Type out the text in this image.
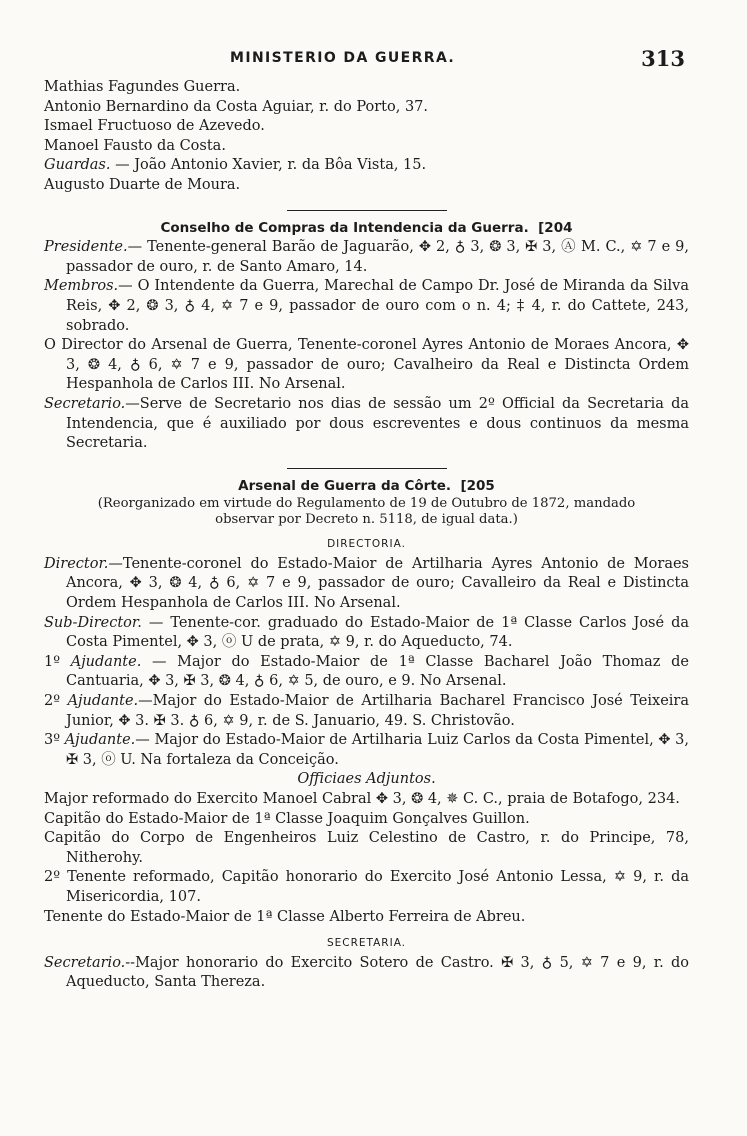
MINISTERIO DA GUERRA.	313

Mathias Fagundes Guerra.

Antonio Bernardino da Costa Aguiar, r. do Porto, 37.

Ismael Fructuoso de Azevedo.

Manoel Fausto da Costa.

Guardas. — João Antonio Xavier, r. da Bôa Vista, 15.

Augusto Duarte de Moura.

Conselho de Compras da Intendencia da Guerra. [204

Presidente.— Tenente-general Barão de Jaguarão, ✥ 2, ♁ 3, ❂ 3, ✠ 3, Ⓐ M. C., ✡ 7 e 9, passador de ouro, r. de Santo Amaro, 14.

Membros.— O Intendente da Guerra, Marechal de Campo Dr. José de Miranda da Silva Reis, ✥ 2, ❂ 3, ♁ 4, ✡ 7 e 9, passador de ouro com o n. 4; ‡ 4, r. do Cattete, 243, sobrado.

O Director do Arsenal de Guerra, Tenente-coronel Ayres Antonio de Moraes Ancora, ✥ 3, ❂ 4, ♁ 6, ✡ 7 e 9, passador de ouro; Cavalheiro da Real e Distincta Ordem Hespanhola de Carlos III. No Arsenal.

Secretario.—Serve de Secretario nos dias de sessão um 2º Official da Secretaria da Intendencia, que é auxiliado por dous escreventes e dous continuos da mesma Secretaria.

Arsenal de Guerra da Côrte. [205

(Reorganizado em virtude do Regulamento de 19 de Outubro de 1872, mandado

observar por Decreto n. 5118, de igual data.)

DIRECTORIA.

Director.—Tenente-coronel do Estado-Maior de Artilharia Ayres Antonio de Moraes Ancora, ✥ 3, ❂ 4, ♁ 6, ✡ 7 e 9, passador de ouro; Cavalleiro da Real e Distincta Ordem Hespanhola de Carlos III. No Arsenal.

Sub-Director. — Tenente-cor. graduado do Estado-Maior de 1ª Classe Carlos José da Costa Pimentel, ✥ 3, ⓞ U de prata, ✡ 9, r. do Aqueducto, 74.

1º Ajudante. — Major do Estado-Maior de 1ª Classe Bacharel João Thomaz de Cantuaria, ✥ 3, ✠ 3, ❂ 4, ♁ 6, ✡ 5, de ouro, e 9. No Arsenal.

2º Ajudante.—Major do Estado-Maior de Artilharia Bacharel Francisco José Teixeira Junior, ✥ 3. ✠ 3. ♁ 6, ✡ 9, r. de S. Januario, 49. S. Christovão.

3º Ajudante.— Major do Estado-Maior de Artilharia Luiz Carlos da Costa Pimentel, ✥ 3, ✠ 3, ⓞ U. Na fortaleza da Conceição.

Officiaes Adjuntos.

Major reformado do Exercito Manoel Cabral ✥ 3, ❂ 4, ✵ C. C., praia de Botafogo, 234.

Capitão do Estado-Maior de 1ª Classe Joaquim Gonçalves Guillon.

Capitão do Corpo de Engenheiros Luiz Celestino de Castro, r. do Principe, 78, Nitherohy.

2º Tenente reformado, Capitão honorario do Exercito José Antonio Lessa, ✡ 9, r. da Misericordia, 107.

Tenente do Estado-Maior de 1ª Classe Alberto Ferreira de Abreu.

SECRETARIA.

Secretario.--Major honorario do Exercito Sotero de Castro. ✠ 3, ♁ 5, ✡ 7 e 9, r. do Aqueducto, Santa Thereza.
